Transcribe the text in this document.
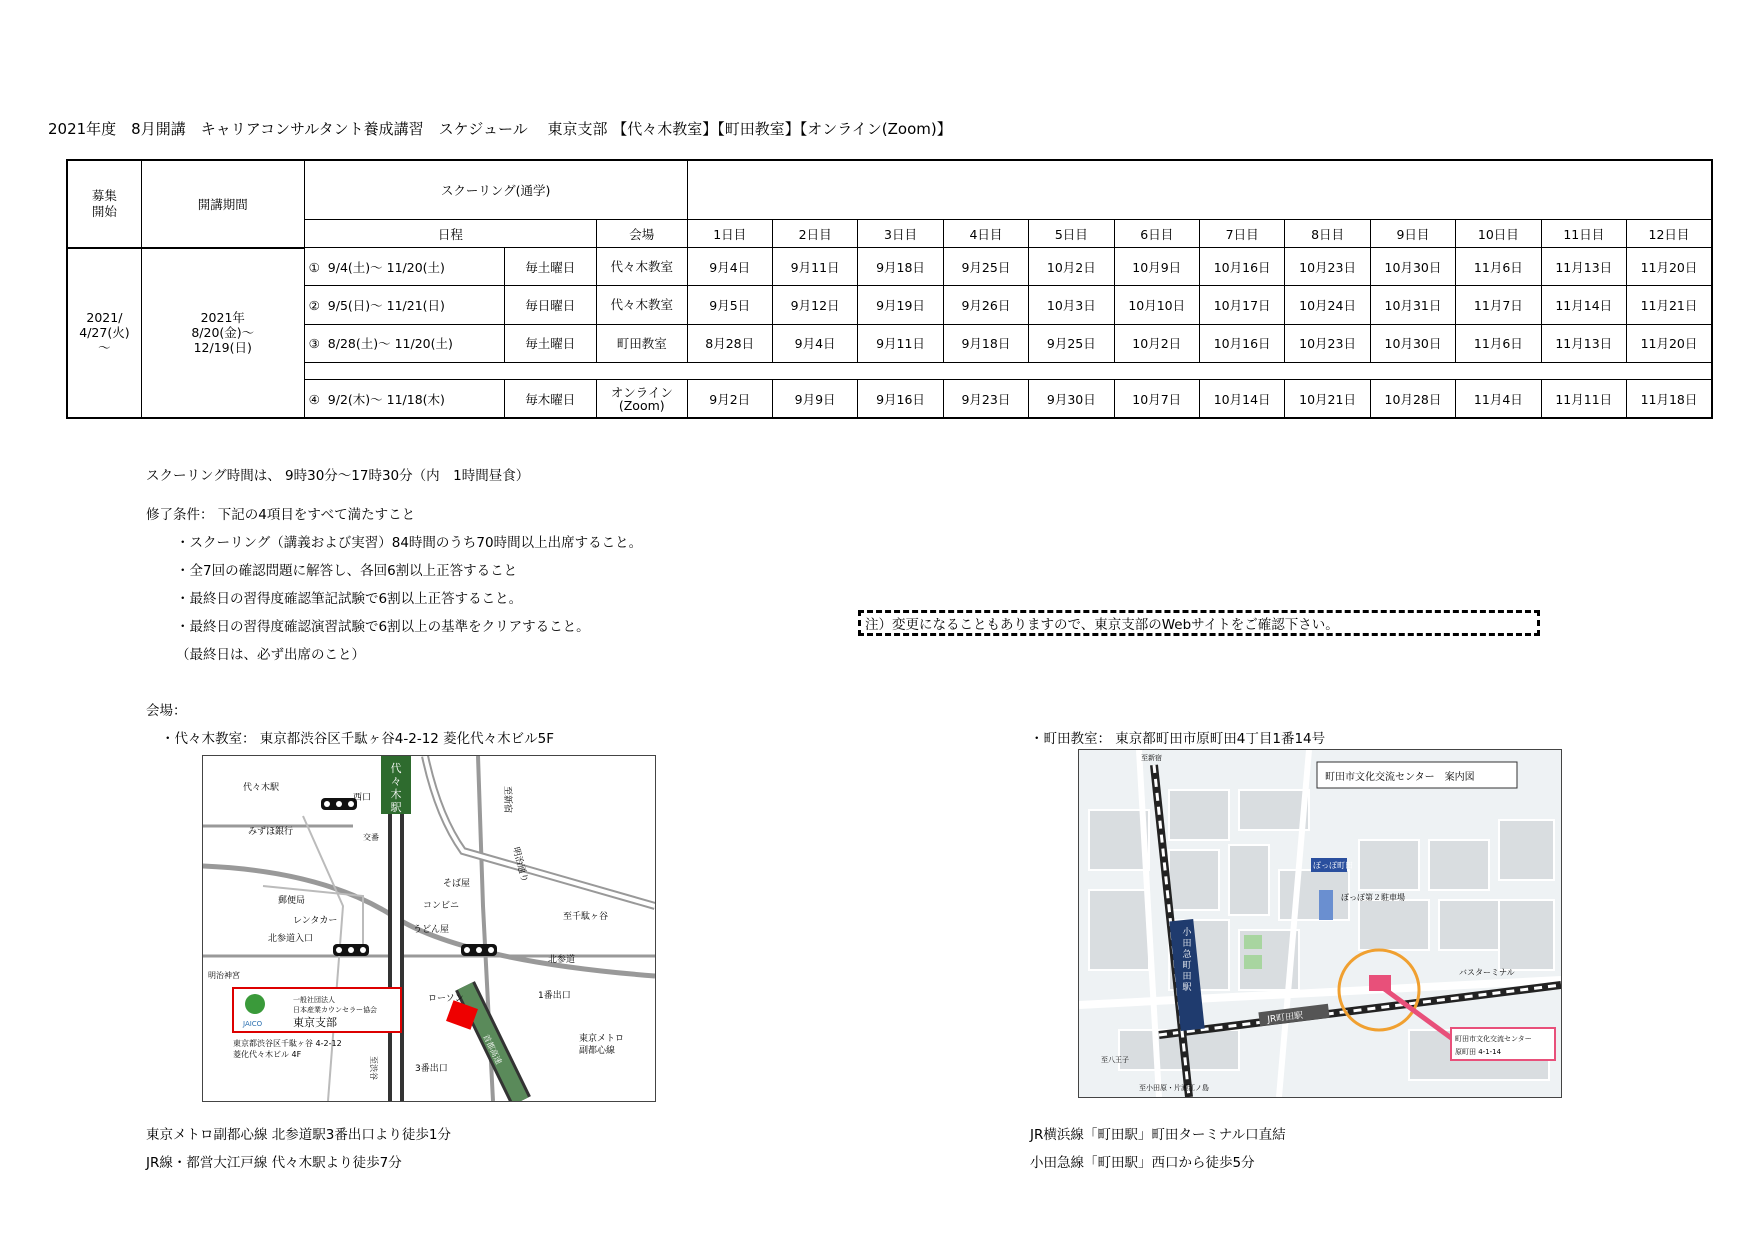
2021年度　8月開講　キャリアコンサルタント養成講習　スケジュール　 東京支部 【代々木教室】【町田教室】【オンライン(Zoom)】
募集
開始	開講期間	スクーリング(通学)														
		日程		会場	1日目	2日目	3日目	4日目	5日目	6日目	7日目	8日目	9日目	10日目	11日目	12日目
2021/
4/27(火)
～	2021年
8/20(金)～
12/19(日)	①  9/4(土)～ 11/20(土)	毎土曜日	代々木教室	9月4日	9月11日	9月18日	9月25日	10月2日	10月9日	10月16日	10月23日	10月30日	11月6日	11月13日	11月20日
		②  9/5(日)～ 11/21(日)	毎日曜日	代々木教室	9月5日	9月12日	9月19日	9月26日	10月3日	10月10日	10月17日	10月24日	10月31日	11月7日	11月14日	11月21日
		③  8/28(土)～ 11/20(土)	毎土曜日	町田教室	8月28日	9月4日	9月11日	9月18日	9月25日	10月2日	10月16日	10月23日	10月30日	11月6日	11月13日	11月20日

		④  9/2(木)～ 11/18(木)	毎木曜日	オンライン
(Zoom)	9月2日	9月9日	9月16日	9月23日	9月30日	10月7日	10月14日	10月21日	10月28日	11月4日	11月11日	11月18日
スクーリング時間は、 9時30分～17時30分（内　1時間昼食）
修了条件： 下記の4項目をすべて満たすこと
・スクーリング（講義および実習）84時間のうち70時間以上出席すること。
・全7回の確認問題に解答し、各回6割以上正答すること
・最終日の習得度確認筆記試験で6割以上正答すること。
・最終日の習得度確認演習試験で6割以上の基準をクリアすること。
（最終日は、必ず出席のこと）
注）変更になることもありますので、東京支部のWebサイトをご確認下さい。
会場：
・代々木教室： 東京都渋谷区千駄ヶ谷4-2-12 菱化代々木ビル5F	・町田教室： 東京都町田市原町田4丁目1番14号
代々木駅
代々木駅
西口
みずほ銀行
交番
明治通り
至新宿
そば屋
コンビニ
うどん屋
至千駄ヶ谷
郵便局
レンタカー
北参道入口
北参道
明治神宮
ローソン	1番出口
3番出口
東京メトロ副都心線
至渋谷
首都高速
JAICO
一般社団法人
日本産業カウンセラー協会
東京支部
東京都渋谷区千駄ヶ谷 4-2-12
菱化代々木ビル 4F
小田急町田駅
JR町田駅
町田市文化交流センター　案内図
ぽっぽ町田
ぽっぽ第２駐車場
町田市文化交流センター
原町田 4-1-14
バスターミナル
至新宿
至八王子
至小田原・片瀬江ノ島
東京メトロ副都心線 北参道駅3番出口より徒歩1分
JR線・都営大江戸線 代々木駅より徒歩7分
JR横浜線「町田駅」町田ターミナル口直結
小田急線「町田駅」西口から徒歩5分
